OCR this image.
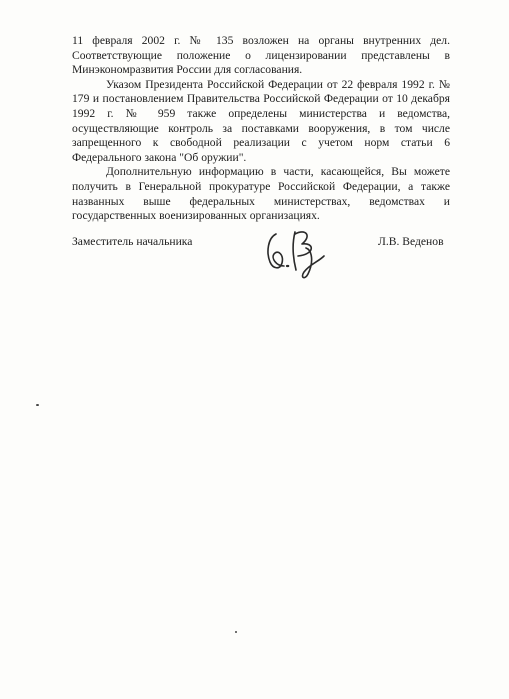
11 февраля 2002 г. № 135 возложен на органы внутренних дел. Соответствующие положение о лицензировании представлены в Минэкономразвития России для согласования.

Указом Президента Российской Федерации от 22 февраля 1992 г. № 179 и постановлением Правительства Российской Федерации от 10 декабря 1992 г. № 959 также определены министерства и ведомства, осуществляющие контроль за поставками вооружения, в том числе запрещенного к свободной реализации с учетом норм статьи 6 Федерального закона "Об оружии".

Дополнительную информацию в части, касающейся, Вы можете получить в Генеральной прокуратуре Российской Федерации, а также названных выше федеральных министерствах, ведомствах и государственных военизированных организациях.

Заместитель начальника	Л.В. Веденов
